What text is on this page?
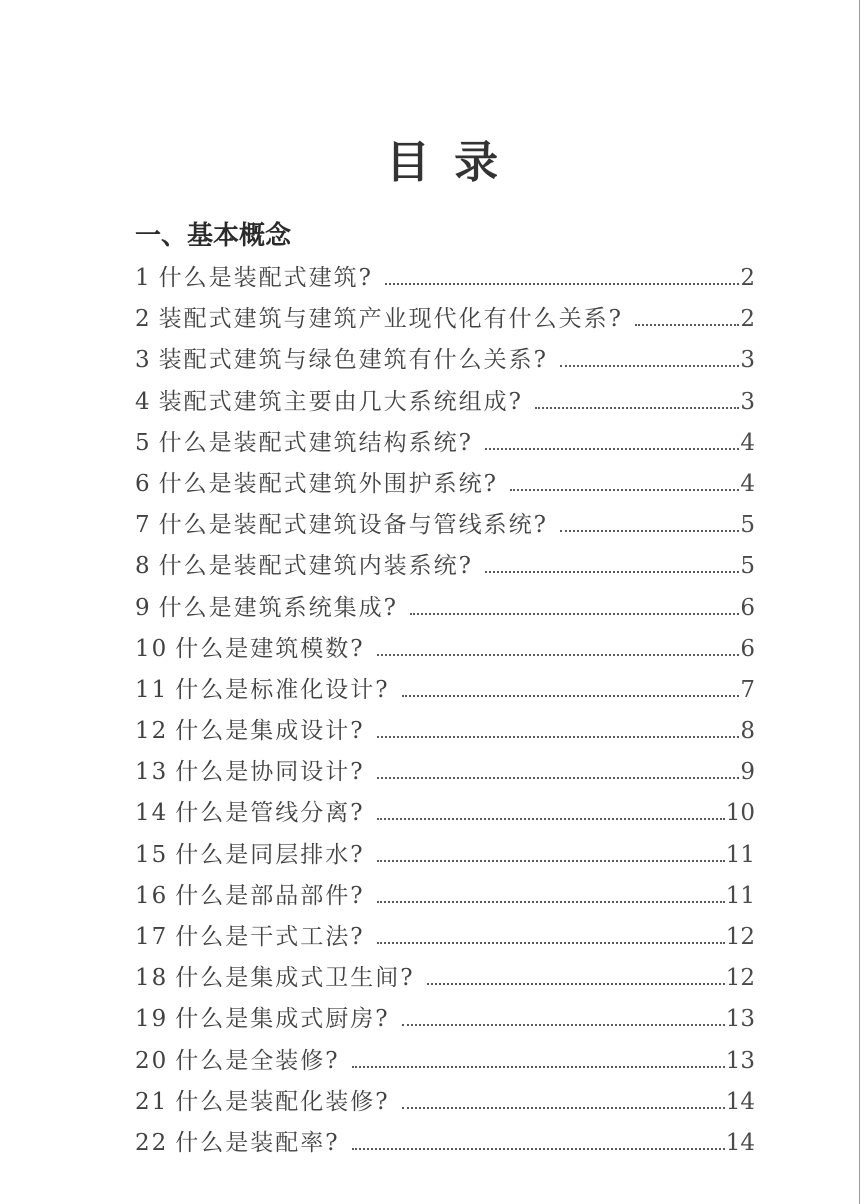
目 录
一、基本概念
1 什么是装配式建筑?	2
2 装配式建筑与建筑产业现代化有什么关系?	2
3 装配式建筑与绿色建筑有什么关系?	3
4 装配式建筑主要由几大系统组成?	3
5 什么是装配式建筑结构系统?	4
6 什么是装配式建筑外围护系统?	4
7 什么是装配式建筑设备与管线系统?	5
8 什么是装配式建筑内装系统?	5
9 什么是建筑系统集成?	6
10 什么是建筑模数?	6
11 什么是标准化设计?	7
12 什么是集成设计?	8
13 什么是协同设计?	9
14 什么是管线分离?	10
15 什么是同层排水?	11
16 什么是部品部件?	11
17 什么是干式工法?	12
18 什么是集成式卫生间?	12
19 什么是集成式厨房?	13
20 什么是全装修?	13
21 什么是装配化装修?	14
22 什么是装配率?	14
